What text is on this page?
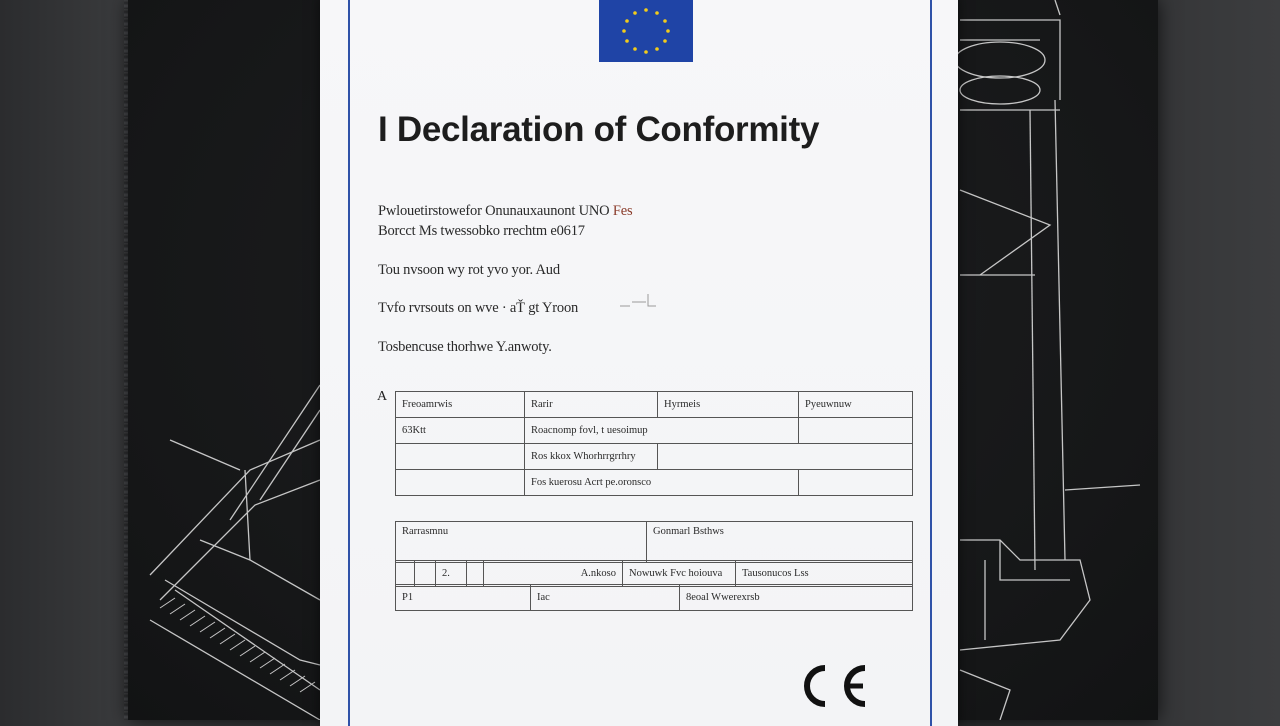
I Declaration of Conformity
Pwlouetirstowefor Onunauxaunont UNO Fes
Borcct Ms twessobko rrechtm e0617
Tou nvsoon wy rot yvo yor. Aud
Tvfo rvrsouts on wve · aŤ gt Yroon
Tosbencuse thorhwe Y.anwoty.
A
Freoamrwis	Rarir	Hyrmeis	Pyeuwnuw
63Ktt	Roacnomp fovl, t uesoimup		
	Ros kkox Whorhrrgrrhry		
	Fos kuerosu Acrt pe.oronsco		
Rarrasmnu	Gonmarl Bsthws
		2.		A.nkoso	Nowuwk Fvc hoiouva	Tausonucos Lss
P1	Iac	8eoal Wwerexrsb
